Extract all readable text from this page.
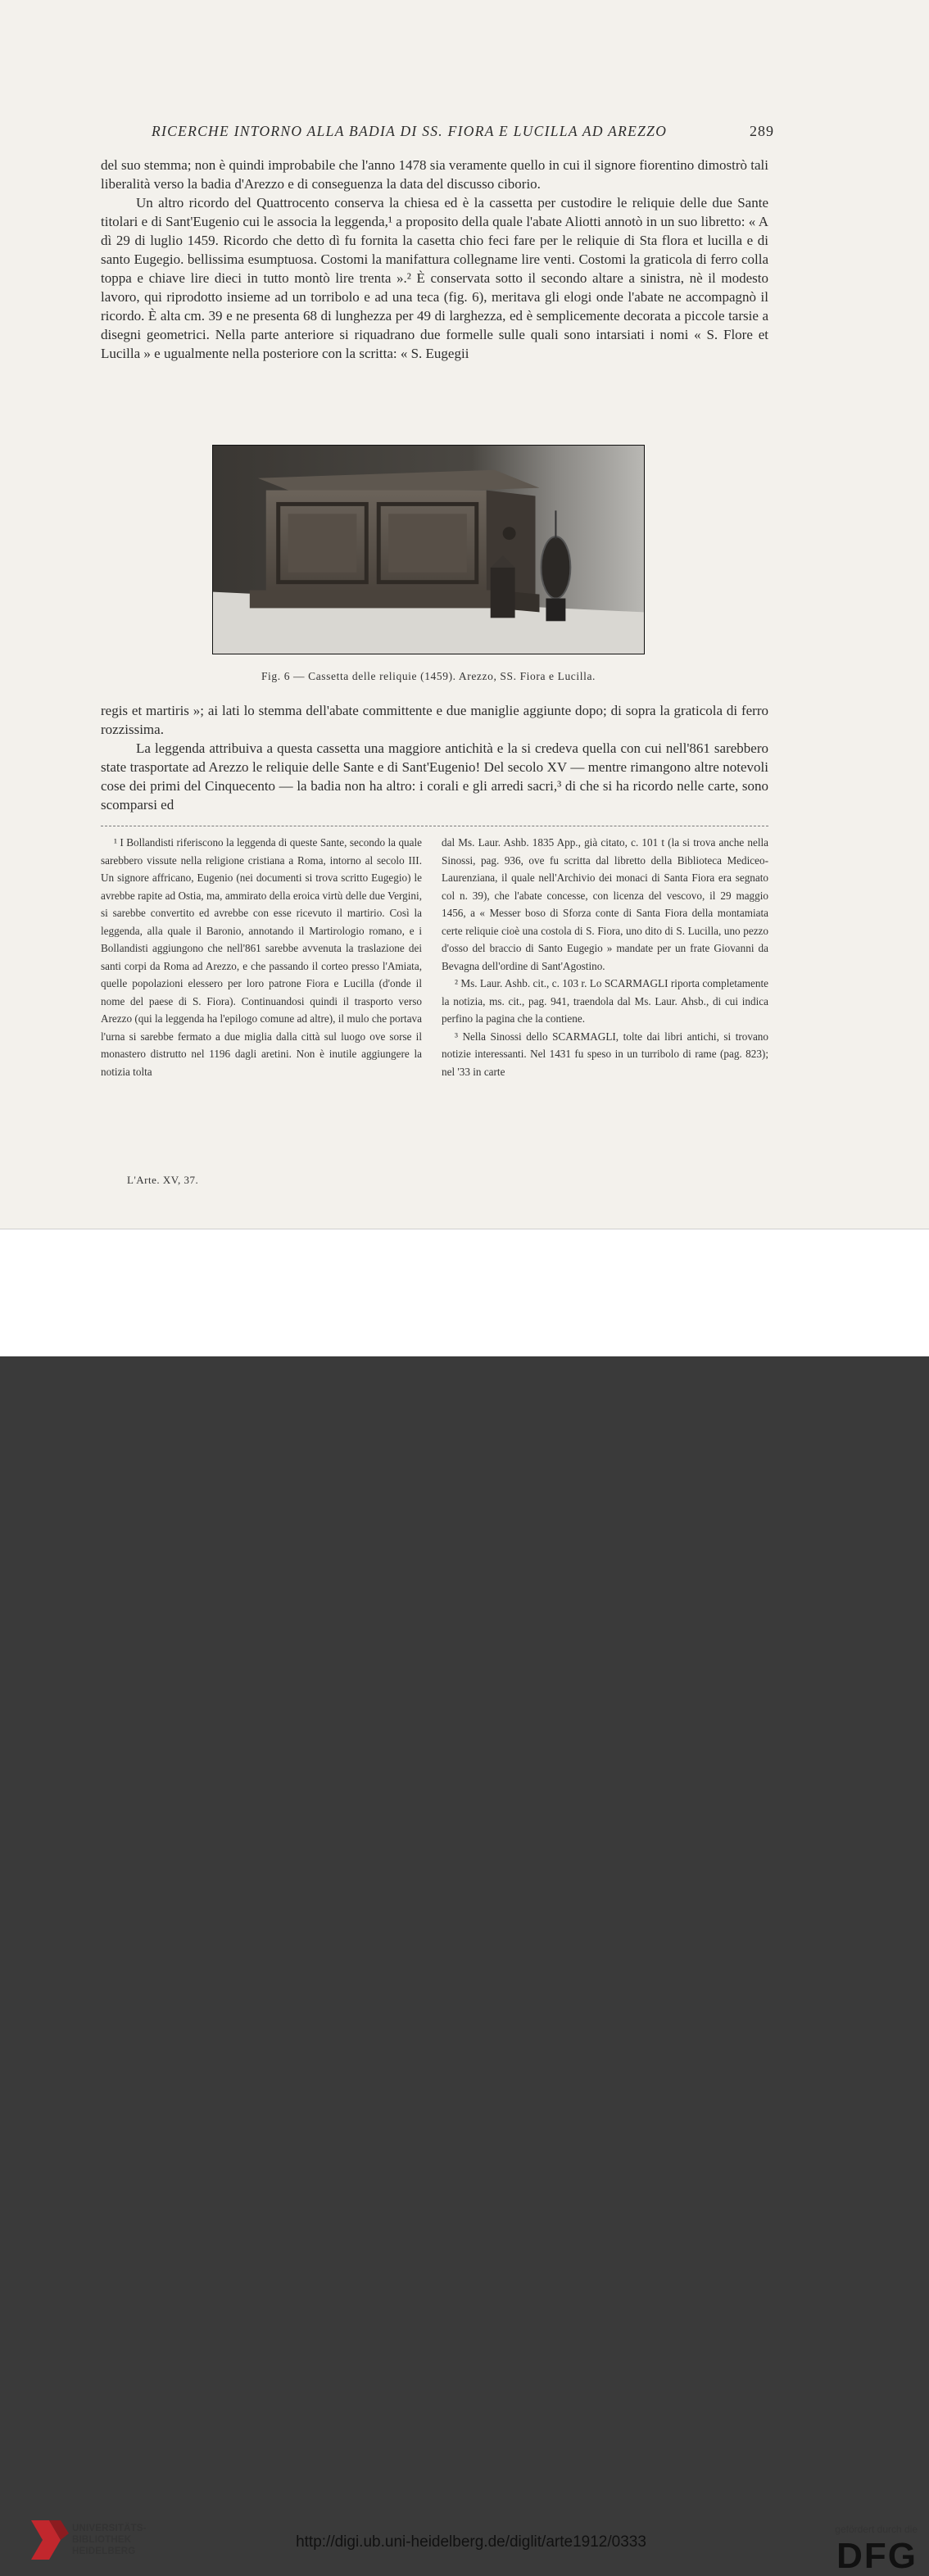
RICERCHE INTORNO ALLA BADIA DI SS. FIORA E LUCILLA AD AREZZO	289

del suo stemma; non è quindi improbabile che l'anno 1478 sia veramente quello in cui il signore fiorentino dimostrò tali liberalità verso la badia d'Arezzo e di conseguenza la data del discusso ciborio.

Un altro ricordo del Quattrocento conserva la chiesa ed è la cassetta per custodire le reliquie delle due Sante titolari e di Sant'Eugenio cui le associa la leggenda,¹ a proposito della quale l'abate Aliotti annotò in un suo libretto: « A dì 29 di luglio 1459. Ricordo che detto dì fu fornita la casetta chio feci fare per le reliquie di Sta flora et lucilla e di santo Eugegio. bellissima esumptuosa. Costomi la manifattura collegname lire venti. Costomi la graticola di ferro colla toppa e chiave lire dieci in tutto montò lire trenta ».² È conservata sotto il secondo altare a sinistra, nè il modesto lavoro, qui riprodotto insieme ad un torribolo e ad una teca (fig. 6), meritava gli elogi onde l'abate ne accompagnò il ricordo. È alta cm. 39 e ne presenta 68 di lunghezza per 49 di larghezza, ed è semplicemente decorata a piccole tarsie a disegni geometrici. Nella parte anteriore si riquadrano due formelle sulle quali sono intarsiati i nomi « S. Flore et Lucilla » e ugualmente nella posteriore con la scritta: « S. Eugegii

Fig. 6 — Cassetta delle reliquie (1459). Arezzo, SS. Fiora e Lucilla.

regis et martiris »; ai lati lo stemma dell'abate committente e due maniglie aggiunte dopo; di sopra la graticola di ferro rozzissima.

La leggenda attribuiva a questa cassetta una maggiore antichità e la si credeva quella con cui nell'861 sarebbero state trasportate ad Arezzo le reliquie delle Sante e di Sant'Eugenio! Del secolo XV — mentre rimangono altre notevoli cose dei primi del Cinquecento — la badia non ha altro: i corali e gli arredi sacri,³ di che si ha ricordo nelle carte, sono scomparsi ed

¹ I Bollandisti riferiscono la leggenda di queste Sante, secondo la quale sarebbero vissute nella religione cristiana a Roma, intorno al secolo III. Un signore affricano, Eugenio (nei documenti si trova scritto Eugegio) le avrebbe rapite ad Ostia, ma, ammirato della eroica virtù delle due Vergini, si sarebbe convertito ed avrebbe con esse ricevuto il martirio. Così la leggenda, alla quale il Baronio, annotando il Martirologio romano, e i Bollandisti aggiungono che nell'861 sarebbe avvenuta la traslazione dei santi corpi da Roma ad Arezzo, e che passando il corteo presso l'Amiata, quelle popolazioni elessero per loro patrone Fiora e Lucilla (d'onde il nome del paese di S. Fiora). Continuandosi quindi il trasporto verso Arezzo (qui la leggenda ha l'epilogo comune ad altre), il mulo che portava l'urna si sarebbe fermato a due miglia dalla città sul luogo ove sorse il monastero distrutto nel 1196 dagli aretini. Non è inutile aggiungere la notizia tolta

dal Ms. Laur. Ashb. 1835 App., già citato, c. 101 t (la si trova anche nella Sinossi, pag. 936, ove fu scritta dal libretto della Biblioteca Mediceo-Laurenziana, il quale nell'Archivio dei monaci di Santa Fiora era segnato col n. 39), che l'abate concesse, con licenza del vescovo, il 29 maggio 1456, a « Messer boso di Sforza conte di Santa Fiora della montamiata certe reliquie cioè una costola di S. Fiora, uno dito di S. Lucilla, uno pezzo d'osso del braccio di Santo Eugegio » mandate per un frate Giovanni da Bevagna dell'ordine di Sant'Agostino.

² Ms. Laur. Ashb. cit., c. 103 r. Lo SCARMAGLI riporta completamente la notizia, ms. cit., pag. 941, traendola dal Ms. Laur. Ahsb., di cui indica perfino la pagina che la contiene.

³ Nella Sinossi dello SCARMAGLI, tolte dai libri antichi, si trovano notizie interessanti. Nel 1431 fu speso in un turribolo di rame (pag. 823); nel '33 in carte

L'Arte. XV, 37.
UNIVERSITÄTS-
BIBLIOTHEK
HEIDELBERG
http://digi.ub.uni-heidelberg.de/diglit/arte1912/0333
gefördert durch die
DFG
